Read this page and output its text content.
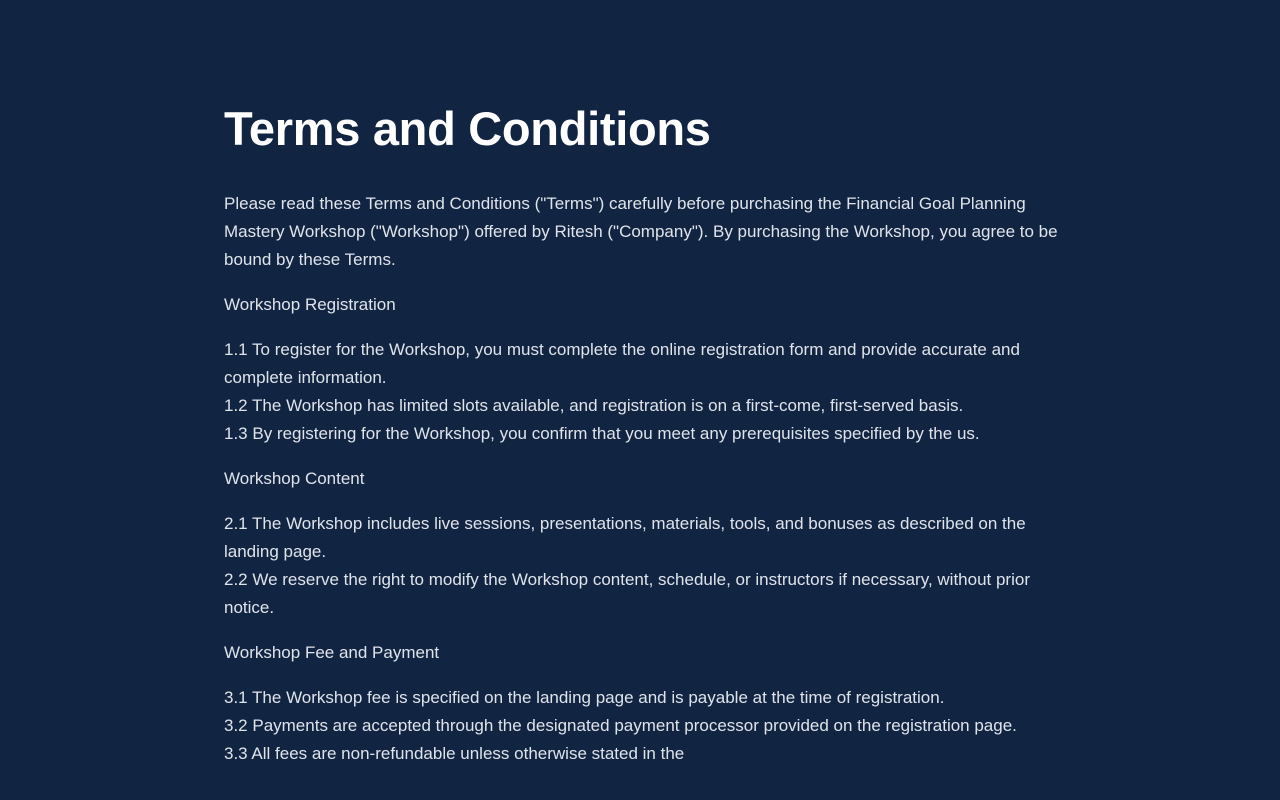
Terms and Conditions

Please read these Terms and Conditions ("Terms") carefully before purchasing the Financial Goal Planning Mastery Workshop ("Workshop") offered by Ritesh ("Company"). By purchasing the Workshop, you agree to be bound by these Terms.

Workshop Registration

1.1 To register for the Workshop, you must complete the online registration form and provide accurate and complete information.

1.2 The Workshop has limited slots available, and registration is on a first-come, first-served basis.

1.3 By registering for the Workshop, you confirm that you meet any prerequisites specified by the us.

Workshop Content

2.1 The Workshop includes live sessions, presentations, materials, tools, and bonuses as described on the landing page.

2.2 We reserve the right to modify the Workshop content, schedule, or instructors if necessary, without prior notice.

Workshop Fee and Payment

3.1 The Workshop fee is specified on the landing page and is payable at the time of registration.

3.2 Payments are accepted through the designated payment processor provided on the registration page.

3.3 All fees are non-refundable unless otherwise stated in the
